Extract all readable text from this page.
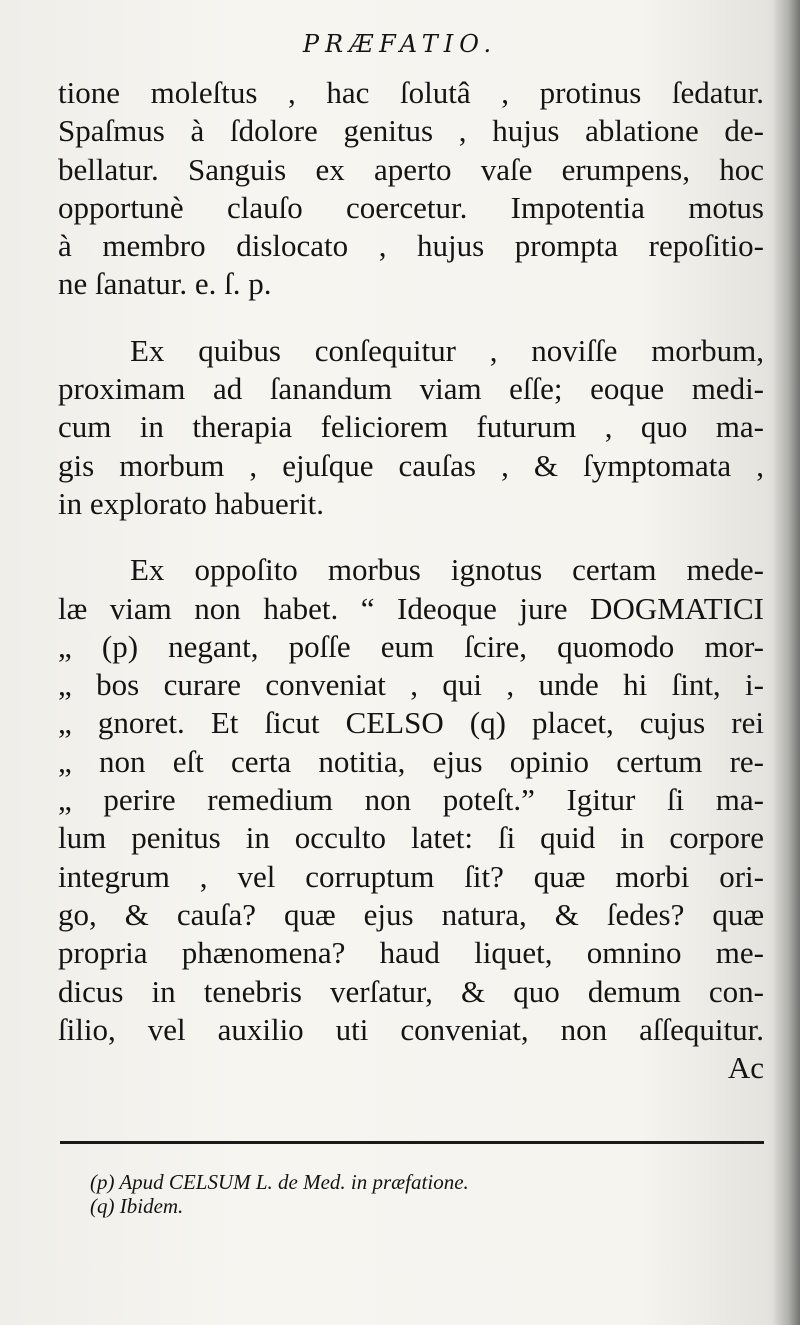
PRÆFATIO.
tione moleſtus , hac ſolutâ , protinus ſedatur.
Spaſmus à ſdolore genitus , hujus ablatione de-
bellatur. Sanguis ex aperto vaſe erumpens, hoc
opportunè clauſo coercetur. Impotentia motus
à membro dislocato , hujus prompta repoſitio-
ne ſanatur. e. ſ. p.
Ex quibus conſequitur , noviſſe morbum,
proximam ad ſanandum viam eſſe; eoque medi-
cum in therapia feliciorem futurum , quo ma-
gis morbum , ejuſque cauſas , & ſymptomata ,
in explorato habuerit.
Ex oppoſito morbus ignotus certam mede-
læ viam non habet. “ Ideoque jure DOGMATICI
„ (p) negant, poſſe eum ſcire, quomodo mor-
„ bos curare conveniat , qui , unde hi ſint, i-
„ gnoret. Et ſicut CELSO (q) placet, cujus rei
„ non eſt certa notitia, ejus opinio certum re-
„ perire remedium non poteſt.” Igitur ſi ma-
lum penitus in occulto latet: ſi quid in corpore
integrum , vel corruptum ſit? quæ morbi ori-
go, & cauſa? quæ ejus natura, & ſedes? quæ
propria phænomena? haud liquet, omnino me-
dicus in tenebris verſatur, & quo demum con-
ſilio, vel auxilio uti conveniat, non aſſequitur.
Ac
(p) Apud CELSUM L. de Med. in præfatione.
(q) Ibidem.
